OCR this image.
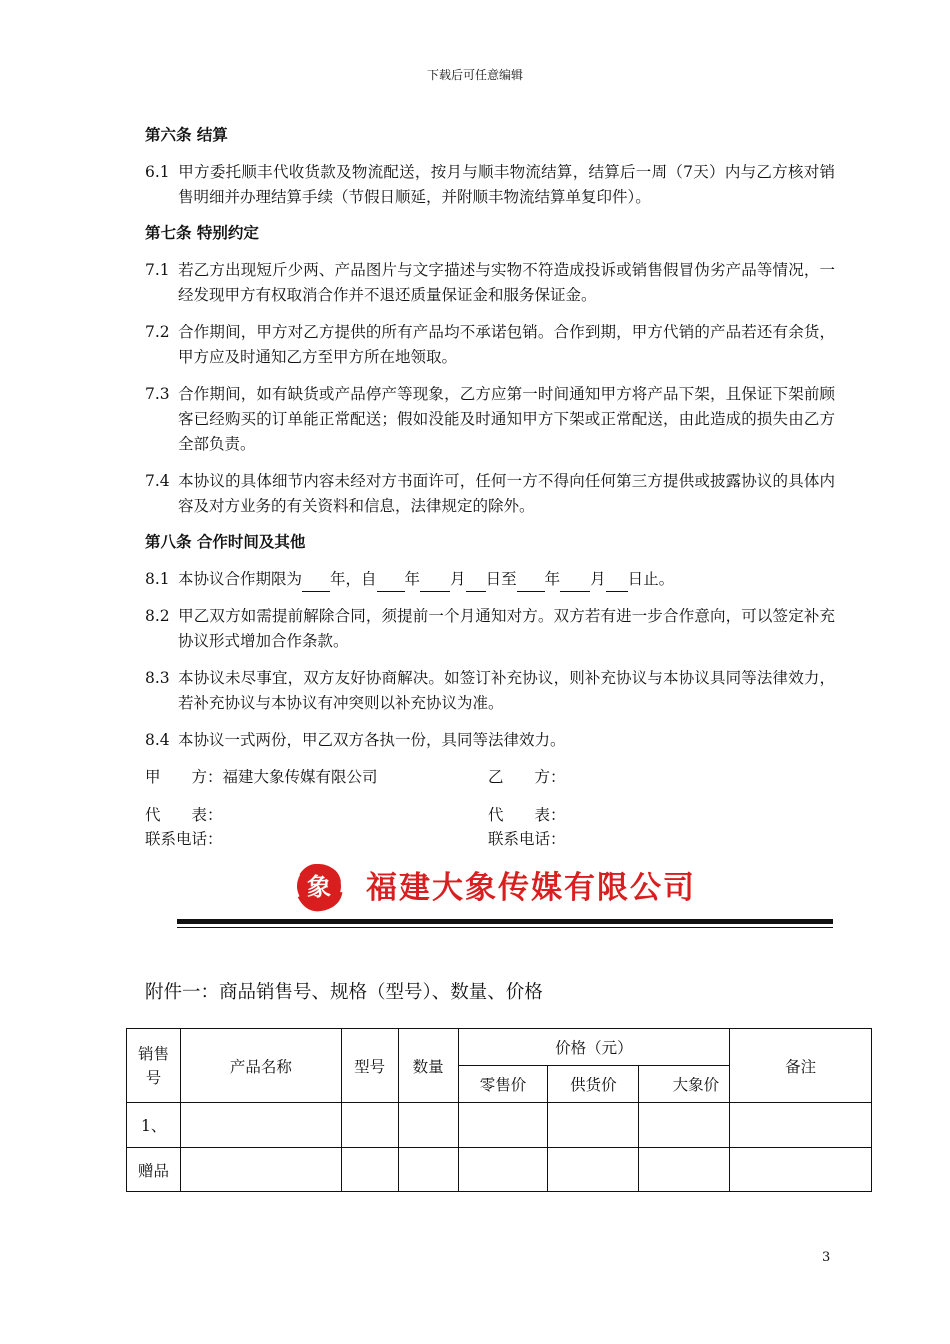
下载后可任意编辑
第六条 结算
6.1 甲方委托顺丰代收货款及物流配送，按月与顺丰物流结算，结算后一周（7天）内与乙方核对销售明细并办理结算手续（节假日顺延，并附顺丰物流结算单复印件）。
第七条 特别约定
7.1 若乙方出现短斤少两、产品图片与文字描述与实物不符造成投诉或销售假冒伪劣产品等情况，一经发现甲方有权取消合作并不退还质量保证金和服务保证金。
7.2 合作期间，甲方对乙方提供的所有产品均不承诺包销。合作到期，甲方代销的产品若还有余货，甲方应及时通知乙方至甲方所在地领取。
7.3 合作期间，如有缺货或产品停产等现象，乙方应第一时间通知甲方将产品下架，且保证下架前顾客已经购买的订单能正常配送；假如没能及时通知甲方下架或正常配送，由此造成的损失由乙方全部负责。
7.4 本协议的具体细节内容未经对方书面许可，任何一方不得向任何第三方提供或披露协议的具体内容及对方业务的有关资料和信息，法律规定的除外。
第八条 合作时间及其他
8.1 本协议合作期限为 年，自 年 月 日至 年 月 日止。
8.2 甲乙双方如需提前解除合同，须提前一个月通知对方。双方若有进一步合作意向，可以签定补充协议形式增加合作条款。
8.3 本协议未尽事宜，双方友好协商解决。如签订补充协议，则补充协议与本协议具同等法律效力，若补充协议与本协议有冲突则以补充协议为准。
8.4 本协议一式两份，甲乙双方各执一份，具同等法律效力。
甲　　方：福建大象传媒有限公司	乙　　方：
代　　表：	代　　表：
联系电话：	联系电话：
象 福建大象传媒有限公司
附件一：商品销售号、规格（型号）、数量、价格
销售
号	产品名称	型号	数量	价格（元）			备注
				零售价	供货价	大象价	
1、							
赠品							
3
